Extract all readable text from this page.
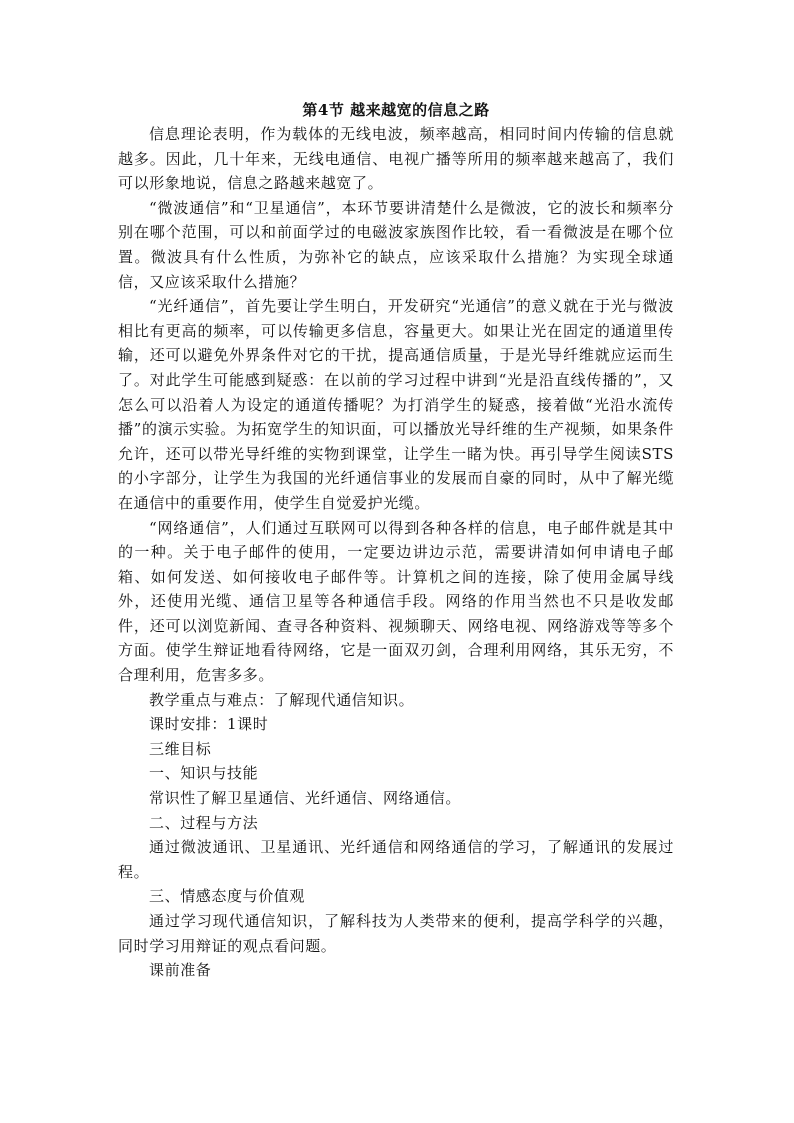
第4节 越来越宽的信息之路

信息理论表明，作为载体的无线电波，频率越高，相同时间内传输的信息就越多。因此，几十年来，无线电通信、电视广播等所用的频率越来越高了，我们可以形象地说，信息之路越来越宽了。

“微波通信”和“卫星通信”，本环节要讲清楚什么是微波，它的波长和频率分别在哪个范围，可以和前面学过的电磁波家族图作比较，看一看微波是在哪个位置。微波具有什么性质，为弥补它的缺点，应该采取什么措施？为实现全球通信，又应该采取什么措施？

“光纤通信”，首先要让学生明白，开发研究“光通信”的意义就在于光与微波相比有更高的频率，可以传输更多信息，容量更大。如果让光在固定的通道里传输，还可以避免外界条件对它的干扰，提高通信质量，于是光导纤维就应运而生了。对此学生可能感到疑惑：在以前的学习过程中讲到“光是沿直线传播的”，又怎么可以沿着人为设定的通道传播呢？为打消学生的疑惑，接着做“光沿水流传播”的演示实验。为拓宽学生的知识面，可以播放光导纤维的生产视频，如果条件允许，还可以带光导纤维的实物到课堂，让学生一睹为快。再引导学生阅读STS的小字部分，让学生为我国的光纤通信事业的发展而自豪的同时，从中了解光缆在通信中的重要作用，使学生自觉爱护光缆。

“网络通信”，人们通过互联网可以得到各种各样的信息，电子邮件就是其中的一种。关于电子邮件的使用，一定要边讲边示范，需要讲清如何申请电子邮箱、如何发送、如何接收电子邮件等。计算机之间的连接，除了使用金属导线外，还使用光缆、通信卫星等各种通信手段。网络的作用当然也不只是收发邮件，还可以浏览新闻、查寻各种资料、视频聊天、网络电视、网络游戏等等多个方面。使学生辩证地看待网络，它是一面双刃剑，合理利用网络，其乐无穷，不合理利用，危害多多。

教学重点与难点：了解现代通信知识。

课时安排：1课时

三维目标

一、知识与技能

常识性了解卫星通信、光纤通信、网络通信。

二、过程与方法

通过微波通讯、卫星通讯、光纤通信和网络通信的学习，了解通讯的发展过程。

三、情感态度与价值观

通过学习现代通信知识，了解科技为人类带来的便利，提高学科学的兴趣，同时学习用辩证的观点看问题。

课前准备
